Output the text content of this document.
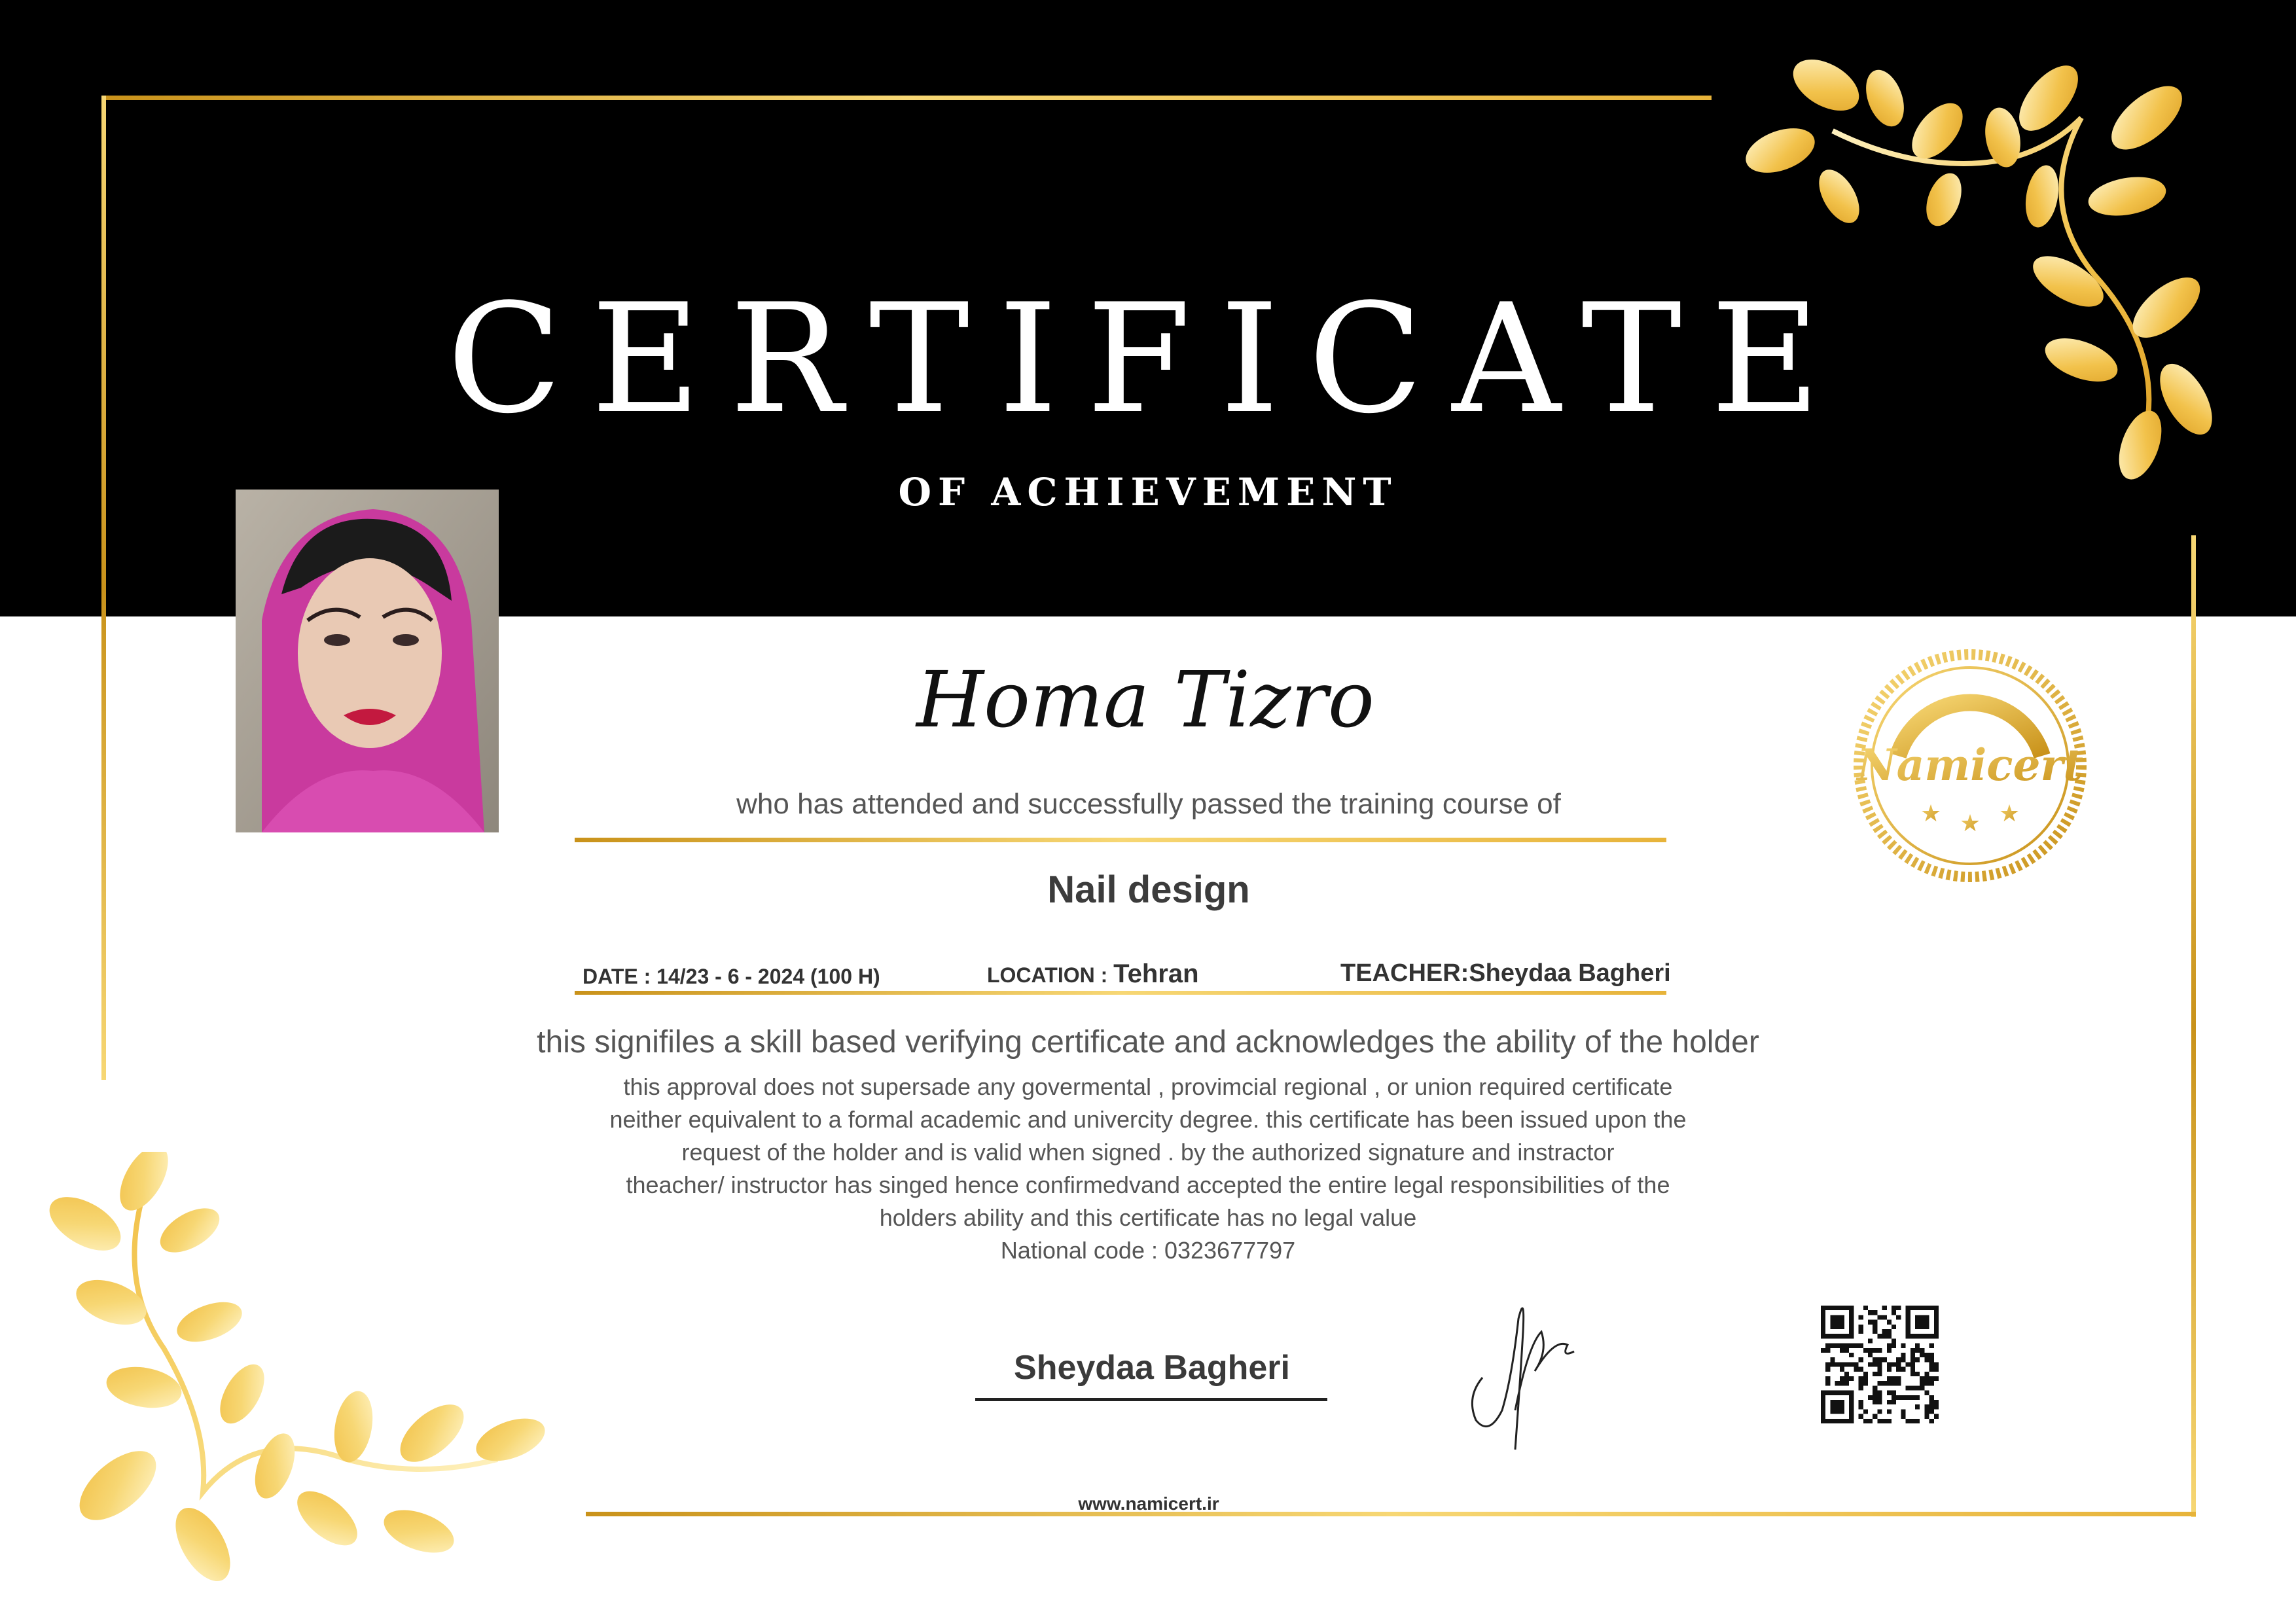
CERTIFICATE
OF ACHIEVEMENT
Homa Tizro
who has attended and successfully passed the training course of
Nail design
DATE : 14/23 - 6 - 2024 (100 H)	LOCATION : Tehran	TEACHER:Sheydaa Bagheri
this signifiles a skill based verifying certificate and acknowledges the ability of the holder
this approval does not supersade any govermental , provimcial regional , or union required certificate
neither equivalent to a formal academic and univercity degree. this certificate has been issued upon the
request of the holder and is valid when signed . by the authorized signature and instractor
theacher/ instructor has singed hence confirmedvand accepted the entire legal responsibilities of the
holders ability and this certificate has no legal value
National code : 0323677797
Sheydaa Bagheri
www.namicert.ir
Namicert
★ ★ ★
